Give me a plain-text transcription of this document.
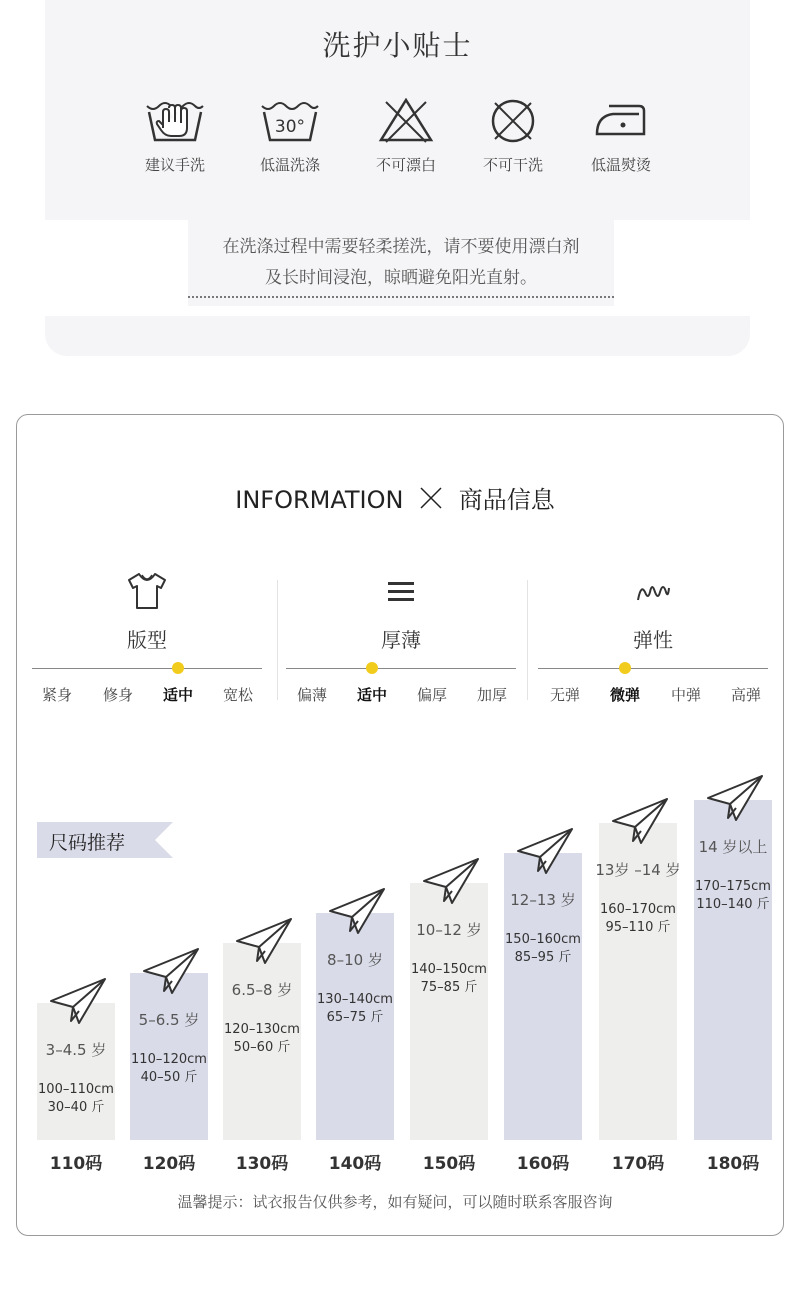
洗护小贴士
建议手洗
30°
低温洗涤	不可漂白	不可干洗	低温熨烫
在洗涤过程中需要轻柔搓洗，请不要使用漂白剂
及长时间浸泡，晾晒避免阳光直射。
INFORMATION 商品信息
版型
紧身	修身	适中	宽松
厚薄
偏薄	适中	偏厚	加厚
弹性
无弹	微弹	中弹	高弹
尺码推荐
3–4.5 岁
100–110cm
30–40 斤
110码
5–6.5 岁
110–120cm
40–50 斤
120码
6.5–8 岁
120–130cm
50–60 斤
130码
8–10 岁
130–140cm
65–75 斤
140码
10–12 岁
140–150cm
75–85 斤
150码
12–13 岁
150–160cm
85–95 斤
160码
13岁 –14 岁
160–170cm
95–110 斤
170码
14 岁以上
170–175cm
110–140 斤
180码
温馨提示：试衣报告仅供参考，如有疑问，可以随时联系客服咨询
